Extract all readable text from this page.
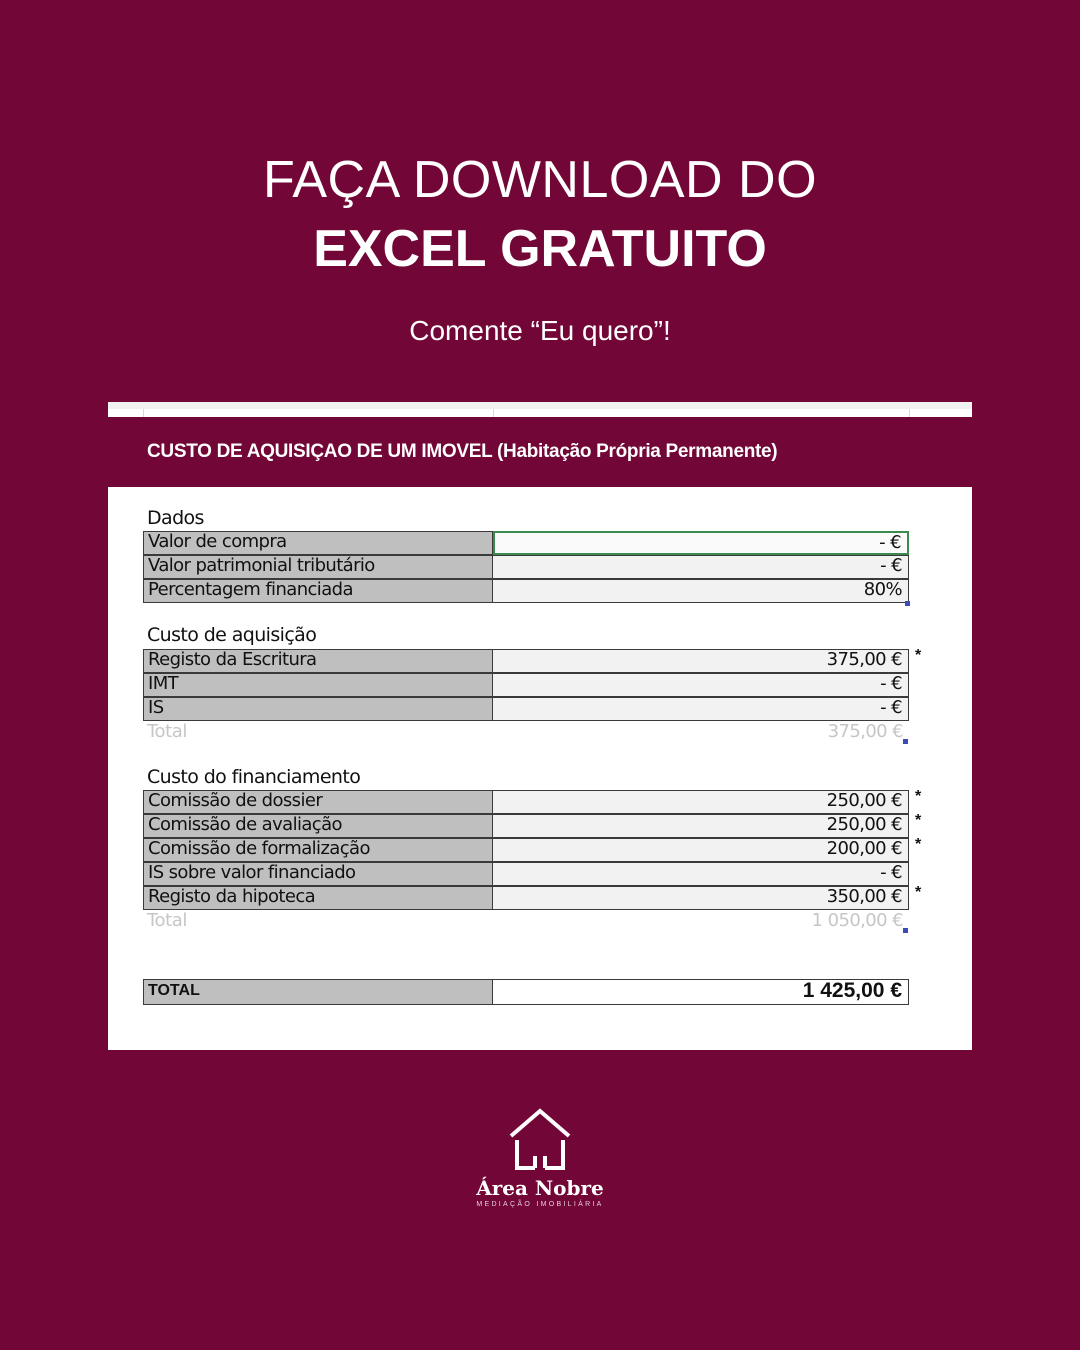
FAÇA DOWNLOAD DO
EXCEL GRATUITO
Comente “Eu quero”!
CUSTO DE AQUISIÇAO DE UM IMOVEL (Habitação Própria Permanente)
Dados
Valor de compra	- €
Valor patrimonial tributário	- €
Percentagem financiada	80%
Custo de aquisição
Registo da Escritura	375,00 € *
IMT	- €
IS	- €
Total	375,00 €
Custo do financiamento
Comissão de dossier	250,00 € *
Comissão de avaliação	250,00 € *
Comissão de formalização	200,00 € *
IS sobre valor financiado	- €
Registo da hipoteca	350,00 € *
Total	1 050,00 €
TOTAL	1 425,00 €
Área Nobre
MEDIAÇÃO IMOBILIÁRIA
